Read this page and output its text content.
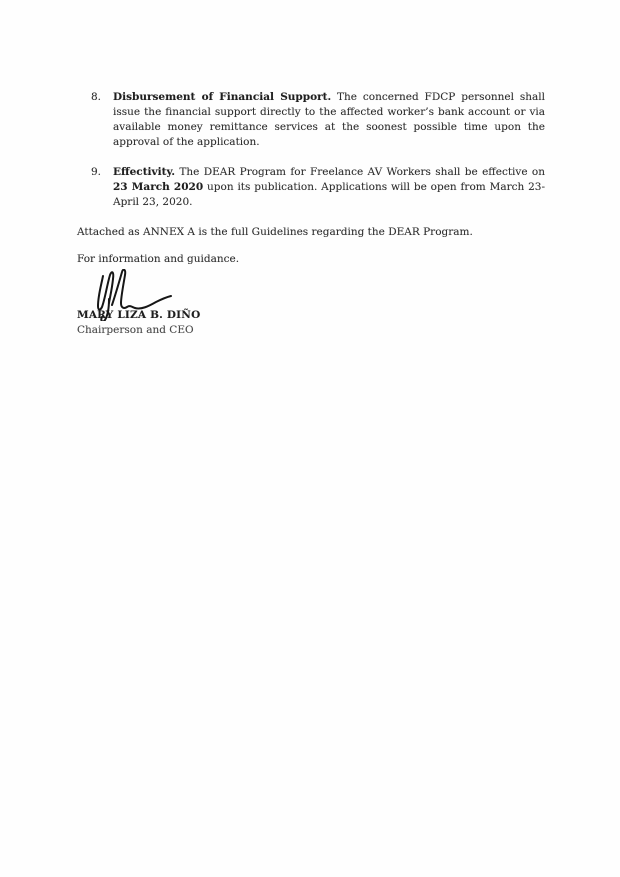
8. Disbursement of Financial Support. The concerned FDCP personnel shall issue the financial support directly to the affected worker’s bank account or via available money remittance services at the soonest possible time upon the approval of the application.
9. Effectivity. The DEAR Program for Freelance AV Workers shall be effective on 23 March 2020 upon its publication. Applications will be open from March 23- April 23, 2020.

Attached as ANNEX A is the full Guidelines regarding the DEAR Program.

For information and guidance.

MARY LIZA B. DIÑO
Chairperson and CEO
